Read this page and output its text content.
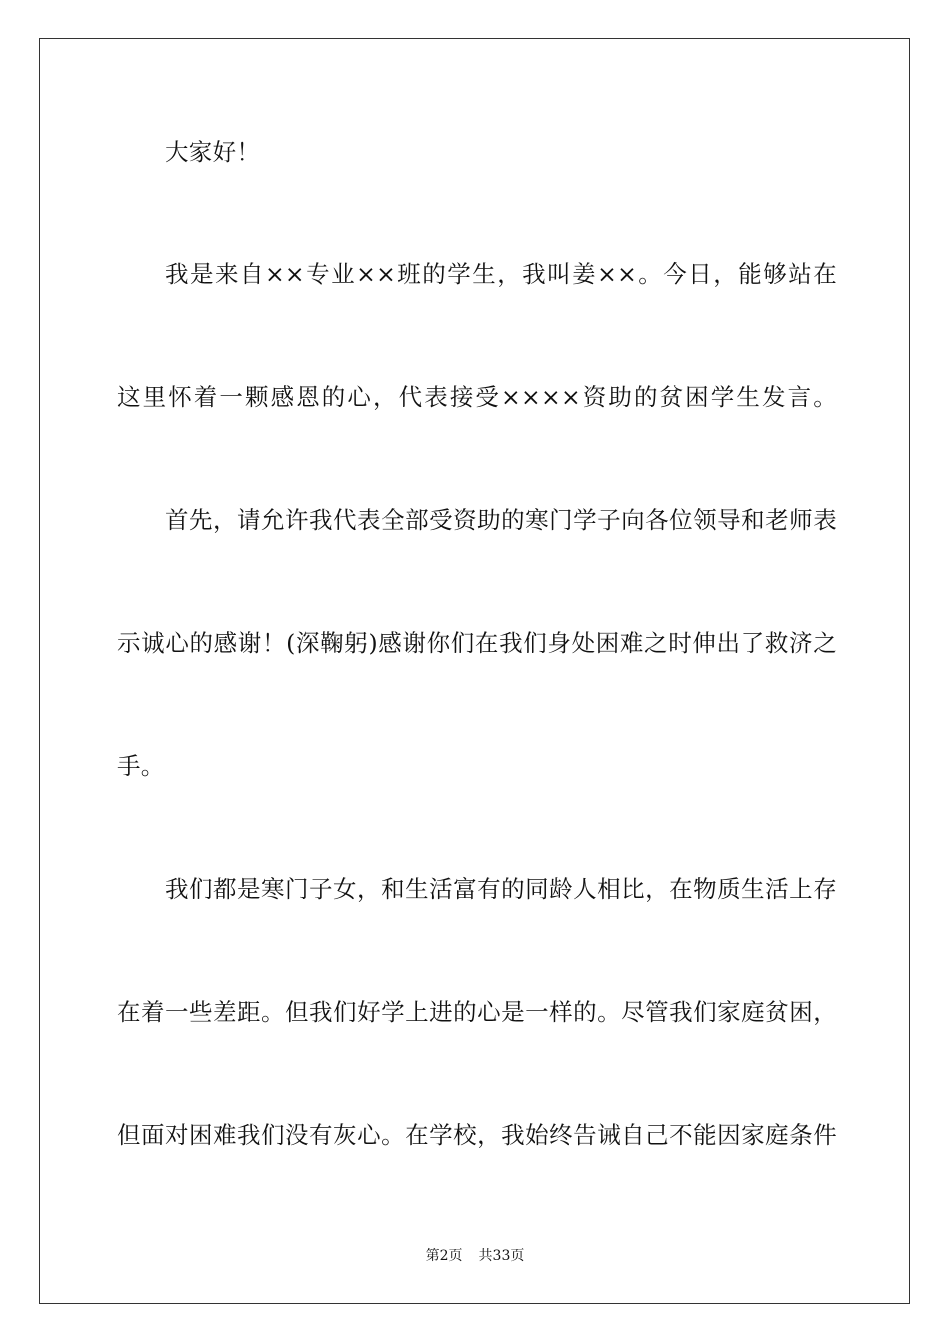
大家好！
我是来自××专业××班的学生，我叫姜××。今日，能够站在
这里怀着一颗感恩的心，代表接受××××资助的贫困学生发言。
首先，请允许我代表全部受资助的寒门学子向各位领导和老师表
示诚心的感谢！(深鞠躬)感谢你们在我们身处困难之时伸出了救济之
手。
我们都是寒门子女，和生活富有的同龄人相比，在物质生活上存
在着一些差距。但我们好学上进的心是一样的。尽管我们家庭贫困，
但面对困难我们没有灰心。在学校，我始终告诫自己不能因家庭条件
第2页 共33页
